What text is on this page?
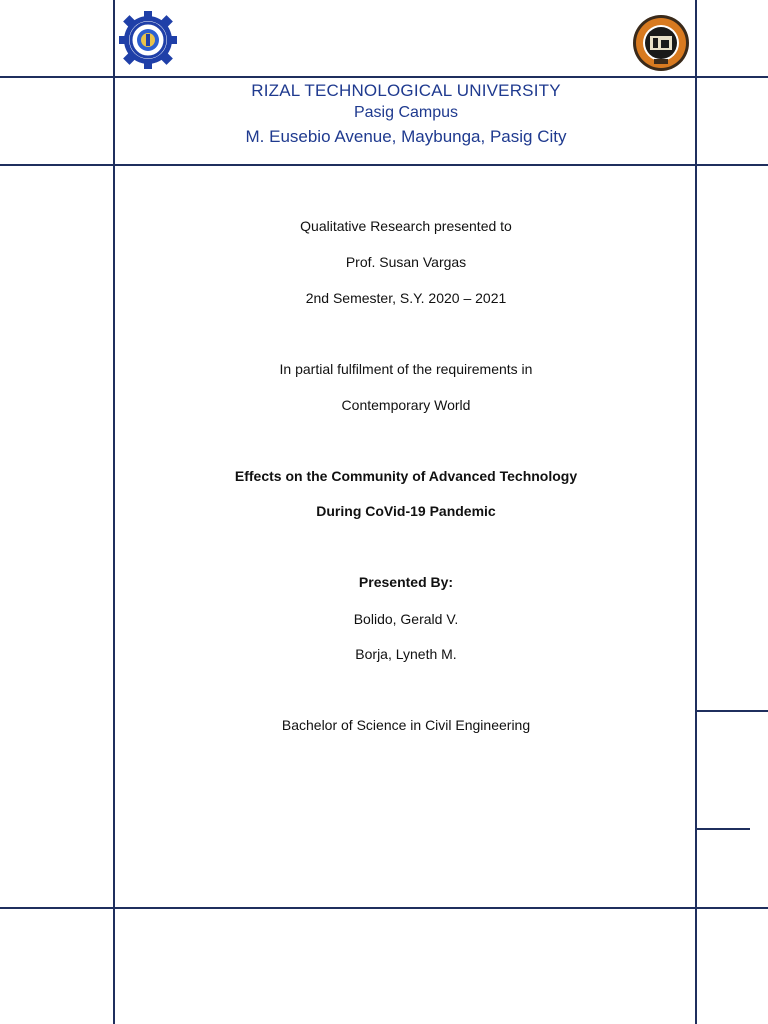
RIZAL TECHNOLOGICAL UNIVERSITY
Pasig Campus
M. Eusebio Avenue, Maybunga, Pasig City
Qualitative Research presented to
Prof. Susan Vargas
2nd Semester, S.Y. 2020 – 2021
In partial fulfilment of the requirements in
Contemporary World
Effects on the Community of Advanced Technology
During CoVid-19 Pandemic
Presented By:
Bolido, Gerald V.
Borja, Lyneth M.
Bachelor of Science in Civil Engineering
